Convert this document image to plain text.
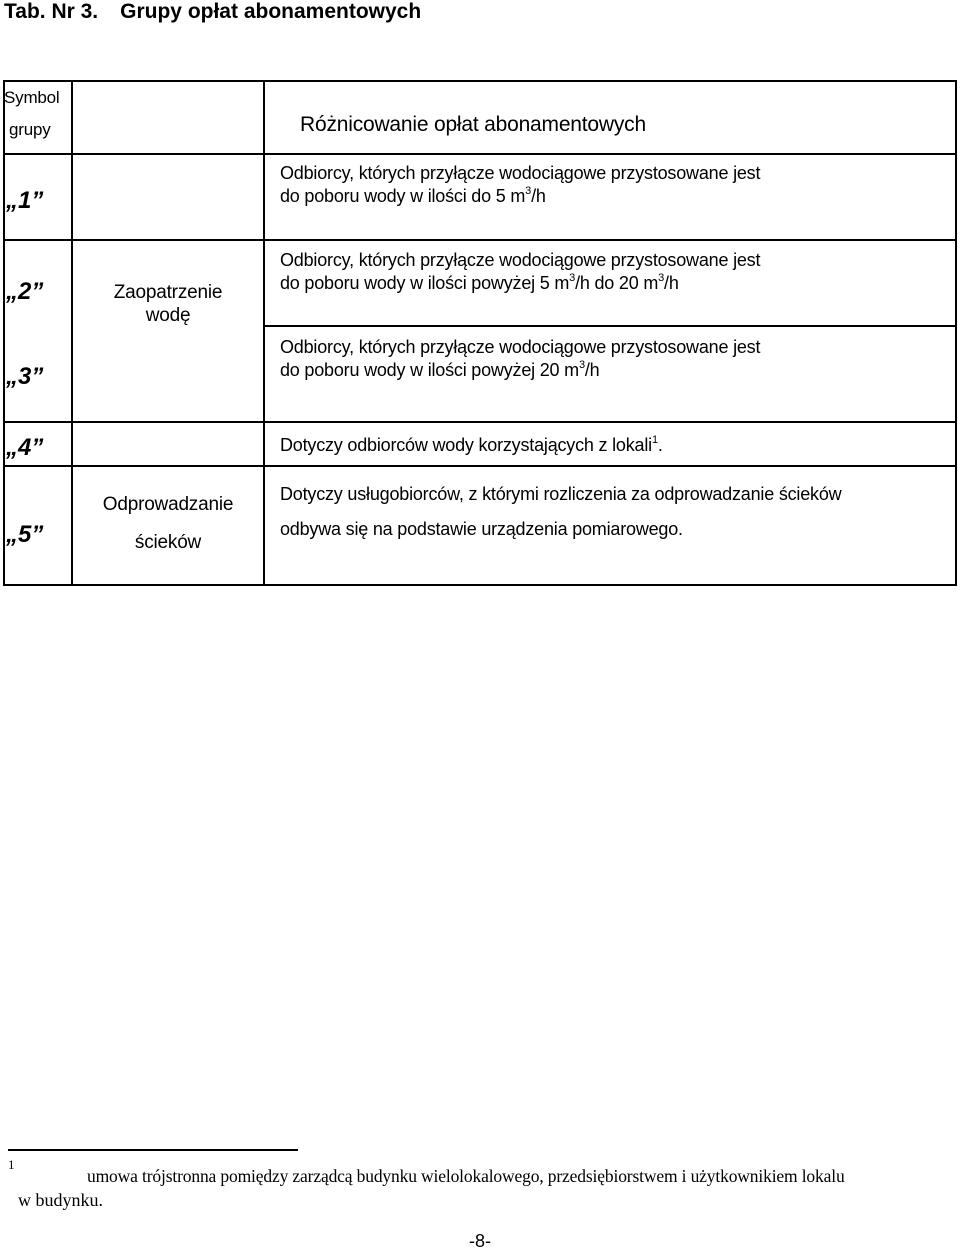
Tab. Nr 3. Grupy opłat abonamentowych
Symbol
grupy	Różnicowanie opłat abonamentowych
„1”
„2”
„3”
„4”
„5”
Zaopatrzenie
wodę
Odprowadzanie
ścieków
Odbiorcy, których przyłącze wodociągowe przystosowane jest
do poboru wody w ilości do 5 $m^3/h$
Odbiorcy, których przyłącze wodociągowe przystosowane jest
do poboru wody w ilości powyżej 5 $m^3/h$ do 20 $m^3/h$
Odbiorcy, których przyłącze wodociągowe przystosowane jest
do poboru wody w ilości powyżej 20 $m^3/h$
Dotyczy odbiorców wody korzystających z lokali$^1$.
Dotyczy usługobiorców, z którymi rozliczenia za odprowadzanie ścieków
odbywa się na podstawie urządzenia pomiarowego.
1
umowa trójstronna pomiędzy zarządcą budynku wielolokalowego, przedsiębiorstwem i użytkownikiem lokalu
w budynku.
-8-
